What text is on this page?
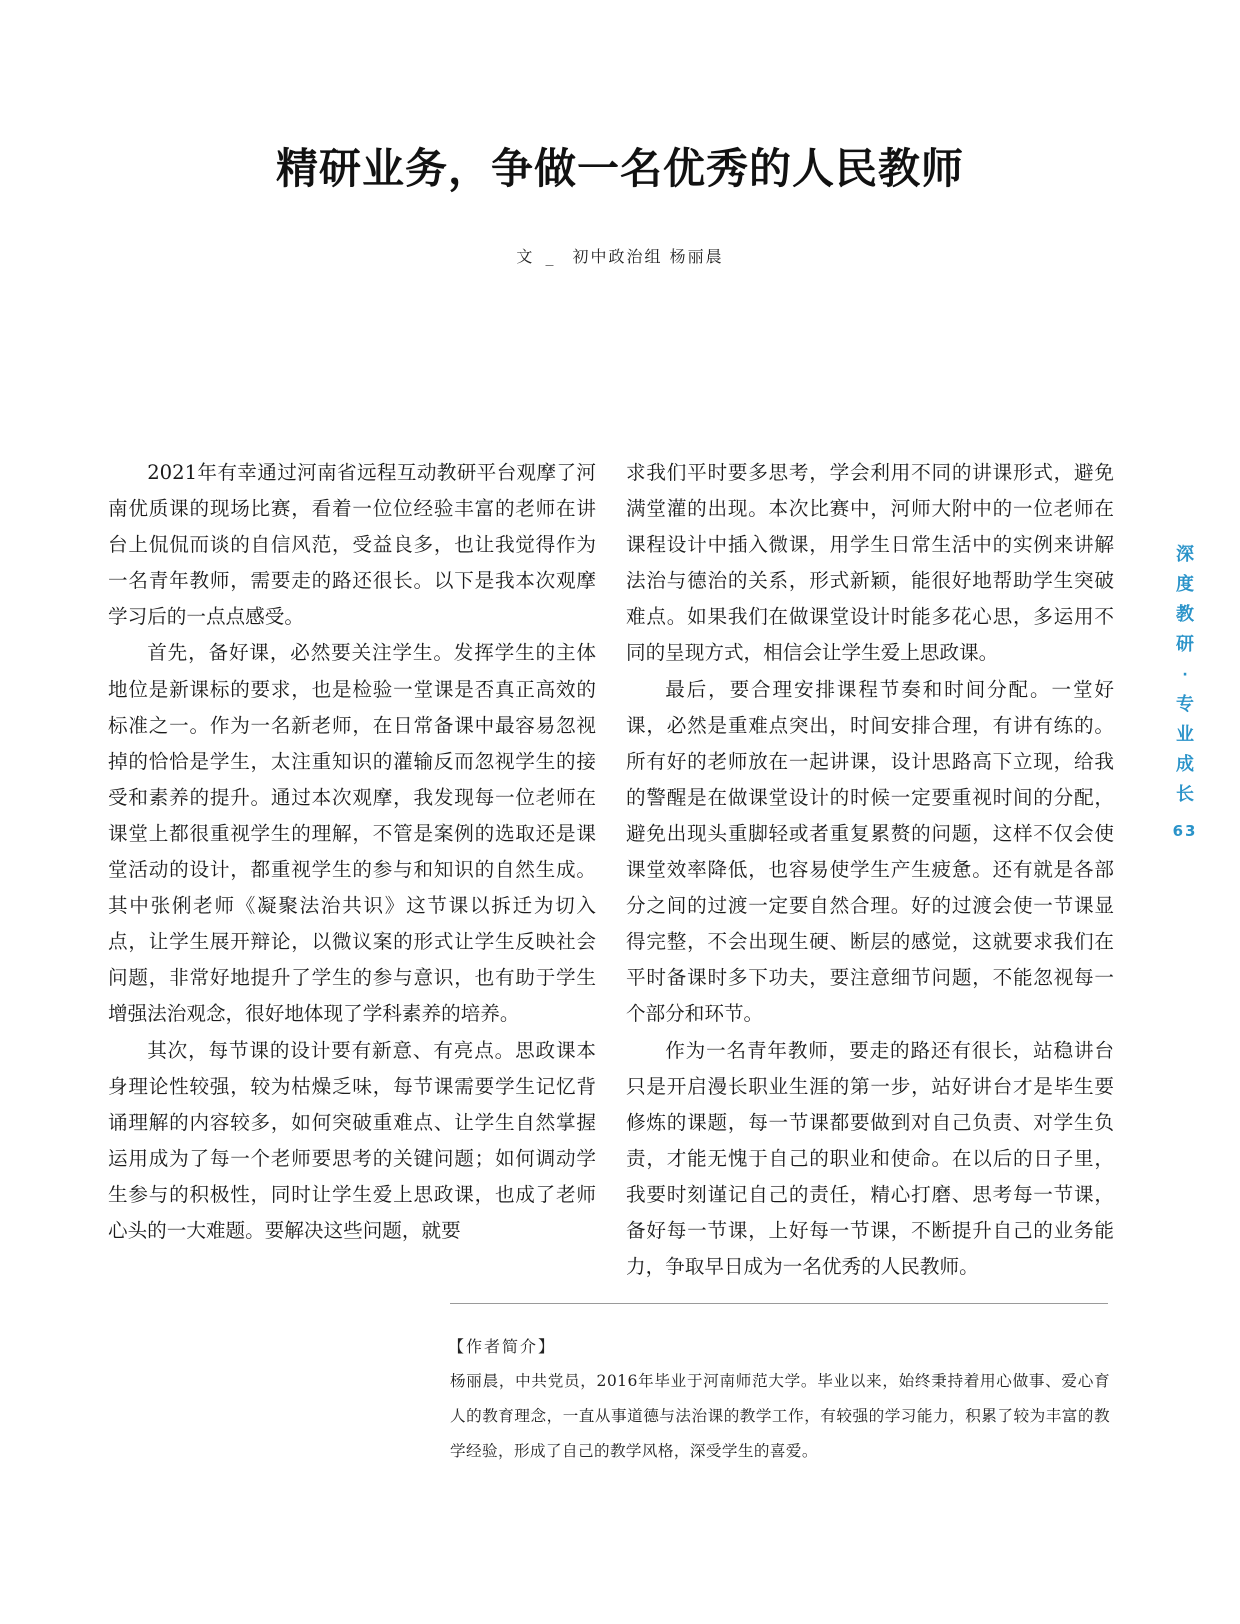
精研业务，争做一名优秀的人民教师
文 _ 初中政治组 杨丽晨

2021年有幸通过河南省远程互动教研平台观摩了河南优质课的现场比赛，看着一位位经验丰富的老师在讲台上侃侃而谈的自信风范，受益良多，也让我觉得作为一名青年教师，需要走的路还很长。以下是我本次观摩学习后的一点点感受。

首先，备好课，必然要关注学生。发挥学生的主体地位是新课标的要求，也是检验一堂课是否真正高效的标准之一。作为一名新老师，在日常备课中最容易忽视掉的恰恰是学生，太注重知识的灌输反而忽视学生的接受和素养的提升。通过本次观摩，我发现每一位老师在课堂上都很重视学生的理解，不管是案例的选取还是课堂活动的设计，都重视学生的参与和知识的自然生成。其中张俐老师《凝聚法治共识》这节课以拆迁为切入点，让学生展开辩论，以微议案的形式让学生反映社会问题，非常好地提升了学生的参与意识，也有助于学生增强法治观念，很好地体现了学科素养的培养。

其次，每节课的设计要有新意、有亮点。思政课本身理论性较强，较为枯燥乏味，每节课需要学生记忆背诵理解的内容较多，如何突破重难点、让学生自然掌握运用成为了每一个老师要思考的关键问题；如何调动学生参与的积极性，同时让学生爱上思政课，也成了老师心头的一大难题。要解决这些问题，就要

求我们平时要多思考，学会利用不同的讲课形式，避免满堂灌的出现。本次比赛中，河师大附中的一位老师在课程设计中插入微课，用学生日常生活中的实例来讲解法治与德治的关系，形式新颖，能很好地帮助学生突破难点。如果我们在做课堂设计时能多花心思，多运用不同的呈现方式，相信会让学生爱上思政课。

最后，要合理安排课程节奏和时间分配。一堂好课，必然是重难点突出，时间安排合理，有讲有练的。所有好的老师放在一起讲课，设计思路高下立现，给我的警醒是在做课堂设计的时候一定要重视时间的分配，避免出现头重脚轻或者重复累赘的问题，这样不仅会使课堂效率降低，也容易使学生产生疲惫。还有就是各部分之间的过渡一定要自然合理。好的过渡会使一节课显得完整，不会出现生硬、断层的感觉，这就要求我们在平时备课时多下功夫，要注意细节问题，不能忽视每一个部分和环节。

作为一名青年教师，要走的路还有很长，站稳讲台只是开启漫长职业生涯的第一步，站好讲台才是毕生要修炼的课题，每一节课都要做到对自己负责、对学生负责，才能无愧于自己的职业和使命。在以后的日子里，我要时刻谨记自己的责任，精心打磨、思考每一节课，备好每一节课，上好每一节课，不断提升自己的业务能力，争取早日成为一名优秀的人民教师。

深
度
教
研
·
专
业
成
长
63
【作者简介】
杨丽晨，中共党员，2016年毕业于河南师范大学。毕业以来，始终秉持着用心做事、爱心育人的教育理念，一直从事道德与法治课的教学工作，有较强的学习能力，积累了较为丰富的教学经验，形成了自己的教学风格，深受学生的喜爱。
